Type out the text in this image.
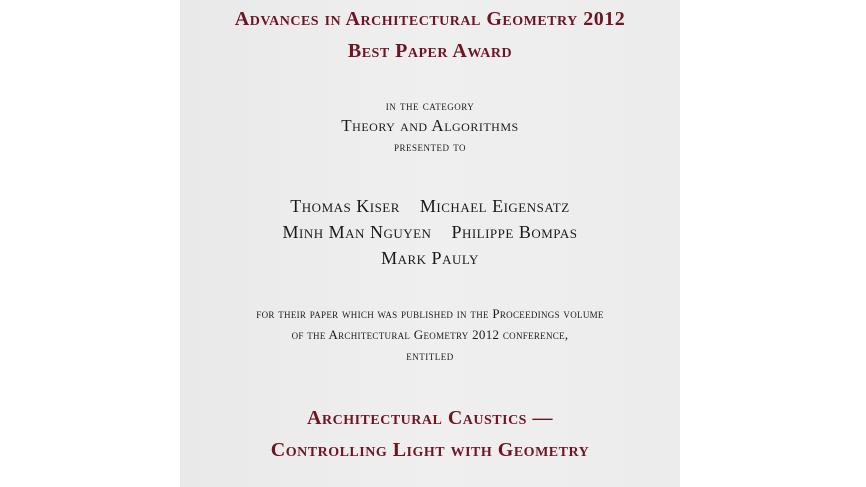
Advances in Architectural Geometry 2012
Best Paper Award
in the category
Theory and Algorithms
presented to
Thomas Kiser Michael Eigensatz
Minh Man Nguyen Philippe Bompas
Mark Pauly
for their paper which was published in the Proceedings volume
of the Architectural Geometry 2012 conference,
entitled
Architectural Caustics —
Controlling Light with Geometry
